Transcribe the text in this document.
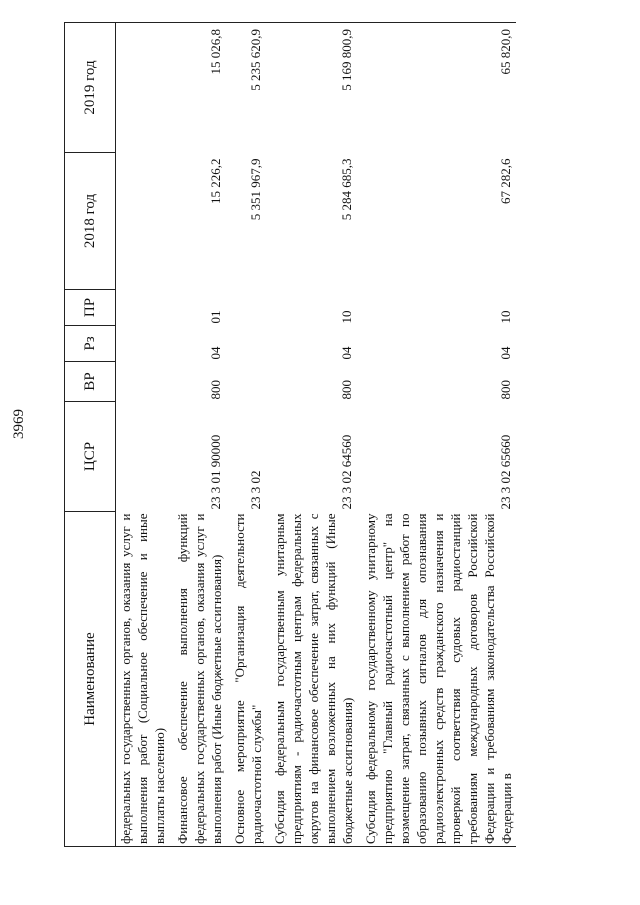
3969
Наименование	ЦСР	ВР	Рз	ПР	2018 год	2019 год

федеральных государственных органов, оказания услуг и выполнения работ (Социальное обеспечение и иные выплаты населению)						

Финансовое обеспечение выполнения функций федеральных государственных органов, оказания услуг и выполнения работ (Иные бюджетные ассигнования)	23 3 01 90000	800	04	01	15 226,2	15 026,8

Основное мероприятие "Организация деятельности радиочастотной службы"	23 3 02				5 351 967,9	5 235 620,9

Субсидия федеральным государственным унитарным предприятиям - радиочастотным центрам федеральных округов на финансовое обеспечение затрат, связанных с выполнением возложенных на них функций (Иные бюджетные ассигнования)	23 3 02 64560	800	04	10	5 284 685,3	5 169 800,9

Субсидия федеральному государственному унитарному предприятию "Главный радиочастотный центр" на возмещение затрат, связанных с выполнением работ по образованию позывных сигналов для опознавания радиоэлектронных средств гражданского назначения и проверкой соответствия судовых радиостанций требованиям международных договоров Российской Федерации и требованиям законодательства Российской Федерации в	23 3 02 65660	800	04	10	67 282,6	65 820,0
